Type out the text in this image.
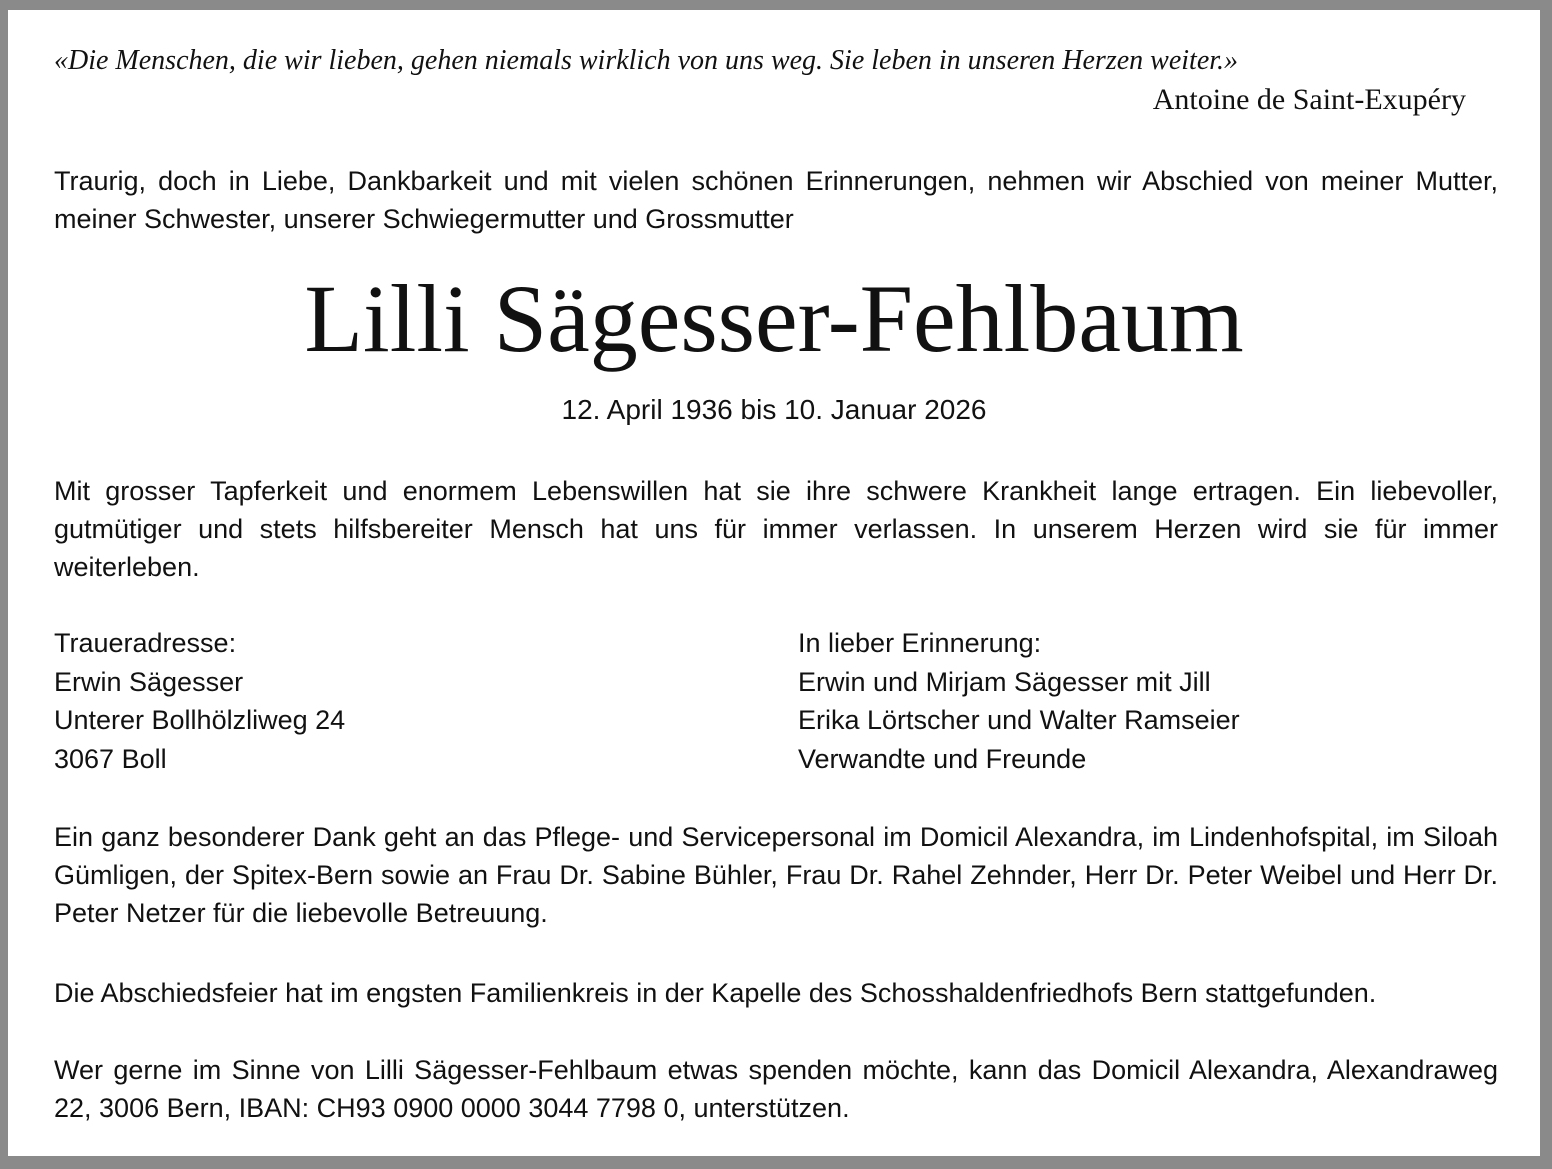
«Die Menschen, die wir lieben, gehen niemals wirklich von uns weg. Sie leben in unseren Herzen weiter.»
Antoine de Saint-Exupéry
Traurig, doch in Liebe, Dankbarkeit und mit vielen schönen Erinnerungen, nehmen wir Abschied von meiner Mutter, meiner Schwester, unserer Schwiegermutter und Grossmutter
Lilli Sägesser-Fehlbaum
12. April 1936 bis 10. Januar 2026
Mit grosser Tapferkeit und enormem Lebenswillen hat sie ihre schwere Krankheit lange ertragen. Ein liebevoller, gutmütiger und stets hilfsbereiter Mensch hat uns für immer verlassen. In unserem Herzen wird sie für immer weiterleben.
Traueradresse:
Erwin Sägesser
Unterer Bollhölzliweg 24
3067 Boll
In lieber Erinnerung:
Erwin und Mirjam Sägesser mit Jill
Erika Lörtscher und Walter Ramseier
Verwandte und Freunde
Ein ganz besonderer Dank geht an das Pflege- und Servicepersonal im Domicil Alexandra, im Lindenhofspital, im Siloah Gümligen, der Spitex-Bern sowie an Frau Dr. Sabine Bühler, Frau Dr. Rahel Zehnder, Herr Dr. Peter Weibel und Herr Dr. Peter Netzer für die liebevolle Betreuung.
Die Abschiedsfeier hat im engsten Familienkreis in der Kapelle des Schosshaldenfriedhofs Bern stattgefunden.
Wer gerne im Sinne von Lilli Sägesser-Fehlbaum etwas spenden möchte, kann das Domicil Alexandra, Alexandraweg 22, 3006 Bern, IBAN: CH93 0900 0000 3044 7798 0, unterstützen.
